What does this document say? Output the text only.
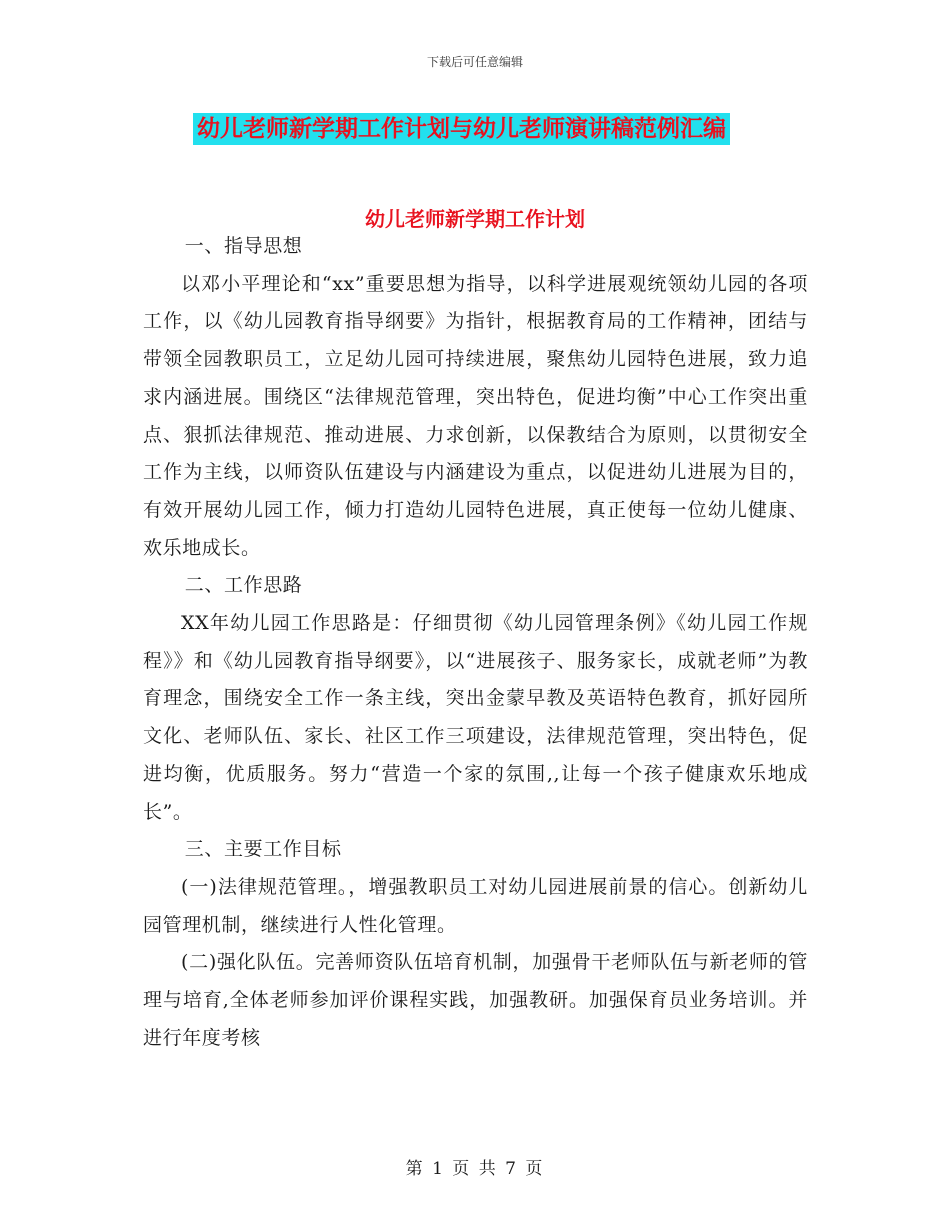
下载后可任意编辑
幼儿老师新学期工作计划与幼儿老师演讲稿范例汇编
幼儿老师新学期工作计划

一、指导思想

以邓小平理论和“xx”重要思想为指导，以科学进展观统领幼儿园的各项工作，以《幼儿园教育指导纲要》为指针，根据教育局的工作精神，团结与带领全园教职员工，立足幼儿园可持续进展，聚焦幼儿园特色进展，致力追求内涵进展。围绕区“法律规范管理，突出特色，促进均衡”中心工作突出重点、狠抓法律规范、推动进展、力求创新，以保教结合为原则，以贯彻安全工作为主线，以师资队伍建设与内涵建设为重点，以促进幼儿进展为目的，有效开展幼儿园工作，倾力打造幼儿园特色进展，真正使每一位幼儿健康、欢乐地成长。

二、工作思路

XX年幼儿园工作思路是：仔细贯彻《幼儿园管理条例》《幼儿园工作规程》》和《幼儿园教育指导纲要》，以“进展孩子、服务家长，成就老师”为教育理念，围绕安全工作一条主线，突出金蒙早教及英语特色教育，抓好园所文化、老师队伍、家长、社区工作三项建设，法律规范管理，突出特色，促进均衡，优质服务。努力“营造一个家的氛围,,让每一个孩子健康欢乐地成长”。

三、主要工作目标

(一)法律规范管理。，增强教职员工对幼儿园进展前景的信心。创新幼儿园管理机制，继续进行人性化管理。

(二)强化队伍。完善师资队伍培育机制，加强骨干老师队伍与新老师的管理与培育,全体老师参加评价课程实践，加强教研。加强保育员业务培训。并进行年度考核

第 1 页 共 7 页
